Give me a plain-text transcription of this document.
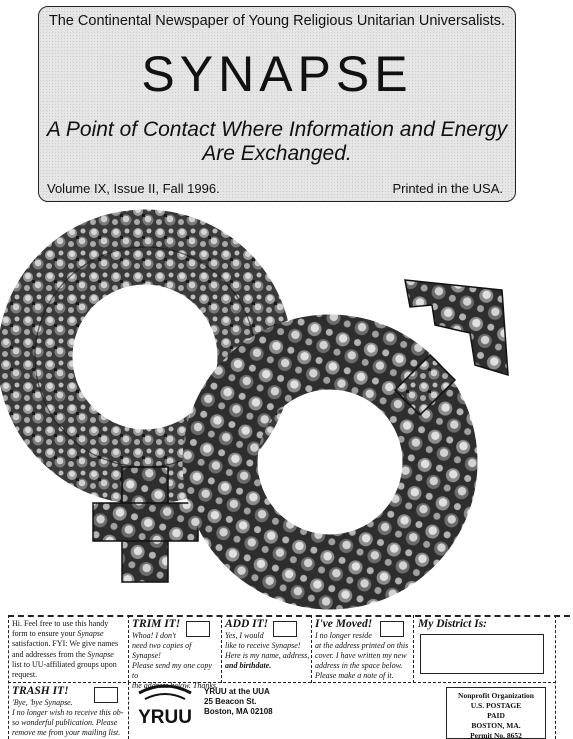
The Continental Newspaper of Young Religious Unitarian Universalists.
SYNAPSE
A Point of Contact Where Information and Energy
Are Exchanged.
Volume IX, Issue II, Fall 1996.	Printed in the USA.
Hi. Feel free to use this handy
form to ensure your Synapse
satisfaction. FYI: We give names
and addresses from the Synapse
list to UU-affiliated groups upon
request.
TRIM IT!
Whoa! I don't
need two copies of Synapse!
Please send my one copy to
the address below. Thanks.
ADD IT!
Yes, I would
like to receive Synapse!
Here is my name, address,
and birthdate.
I've Moved!
I no longer reside
at the address printed on this
cover. I have written my new
address in the space below.
Please make a note of it.
My District Is:
TRASH IT!
'Bye, 'bye Synapse.
I no longer wish to receive this ob-
so wonderful publication. Please
remove me from your mailing list.
YRUU
YRUU at the UUA
25 Beacon St.
Boston, MA 02108
Nonprofit Organization
U.S. POSTAGE
PAID
BOSTON, MA.
Permit No. 8652
